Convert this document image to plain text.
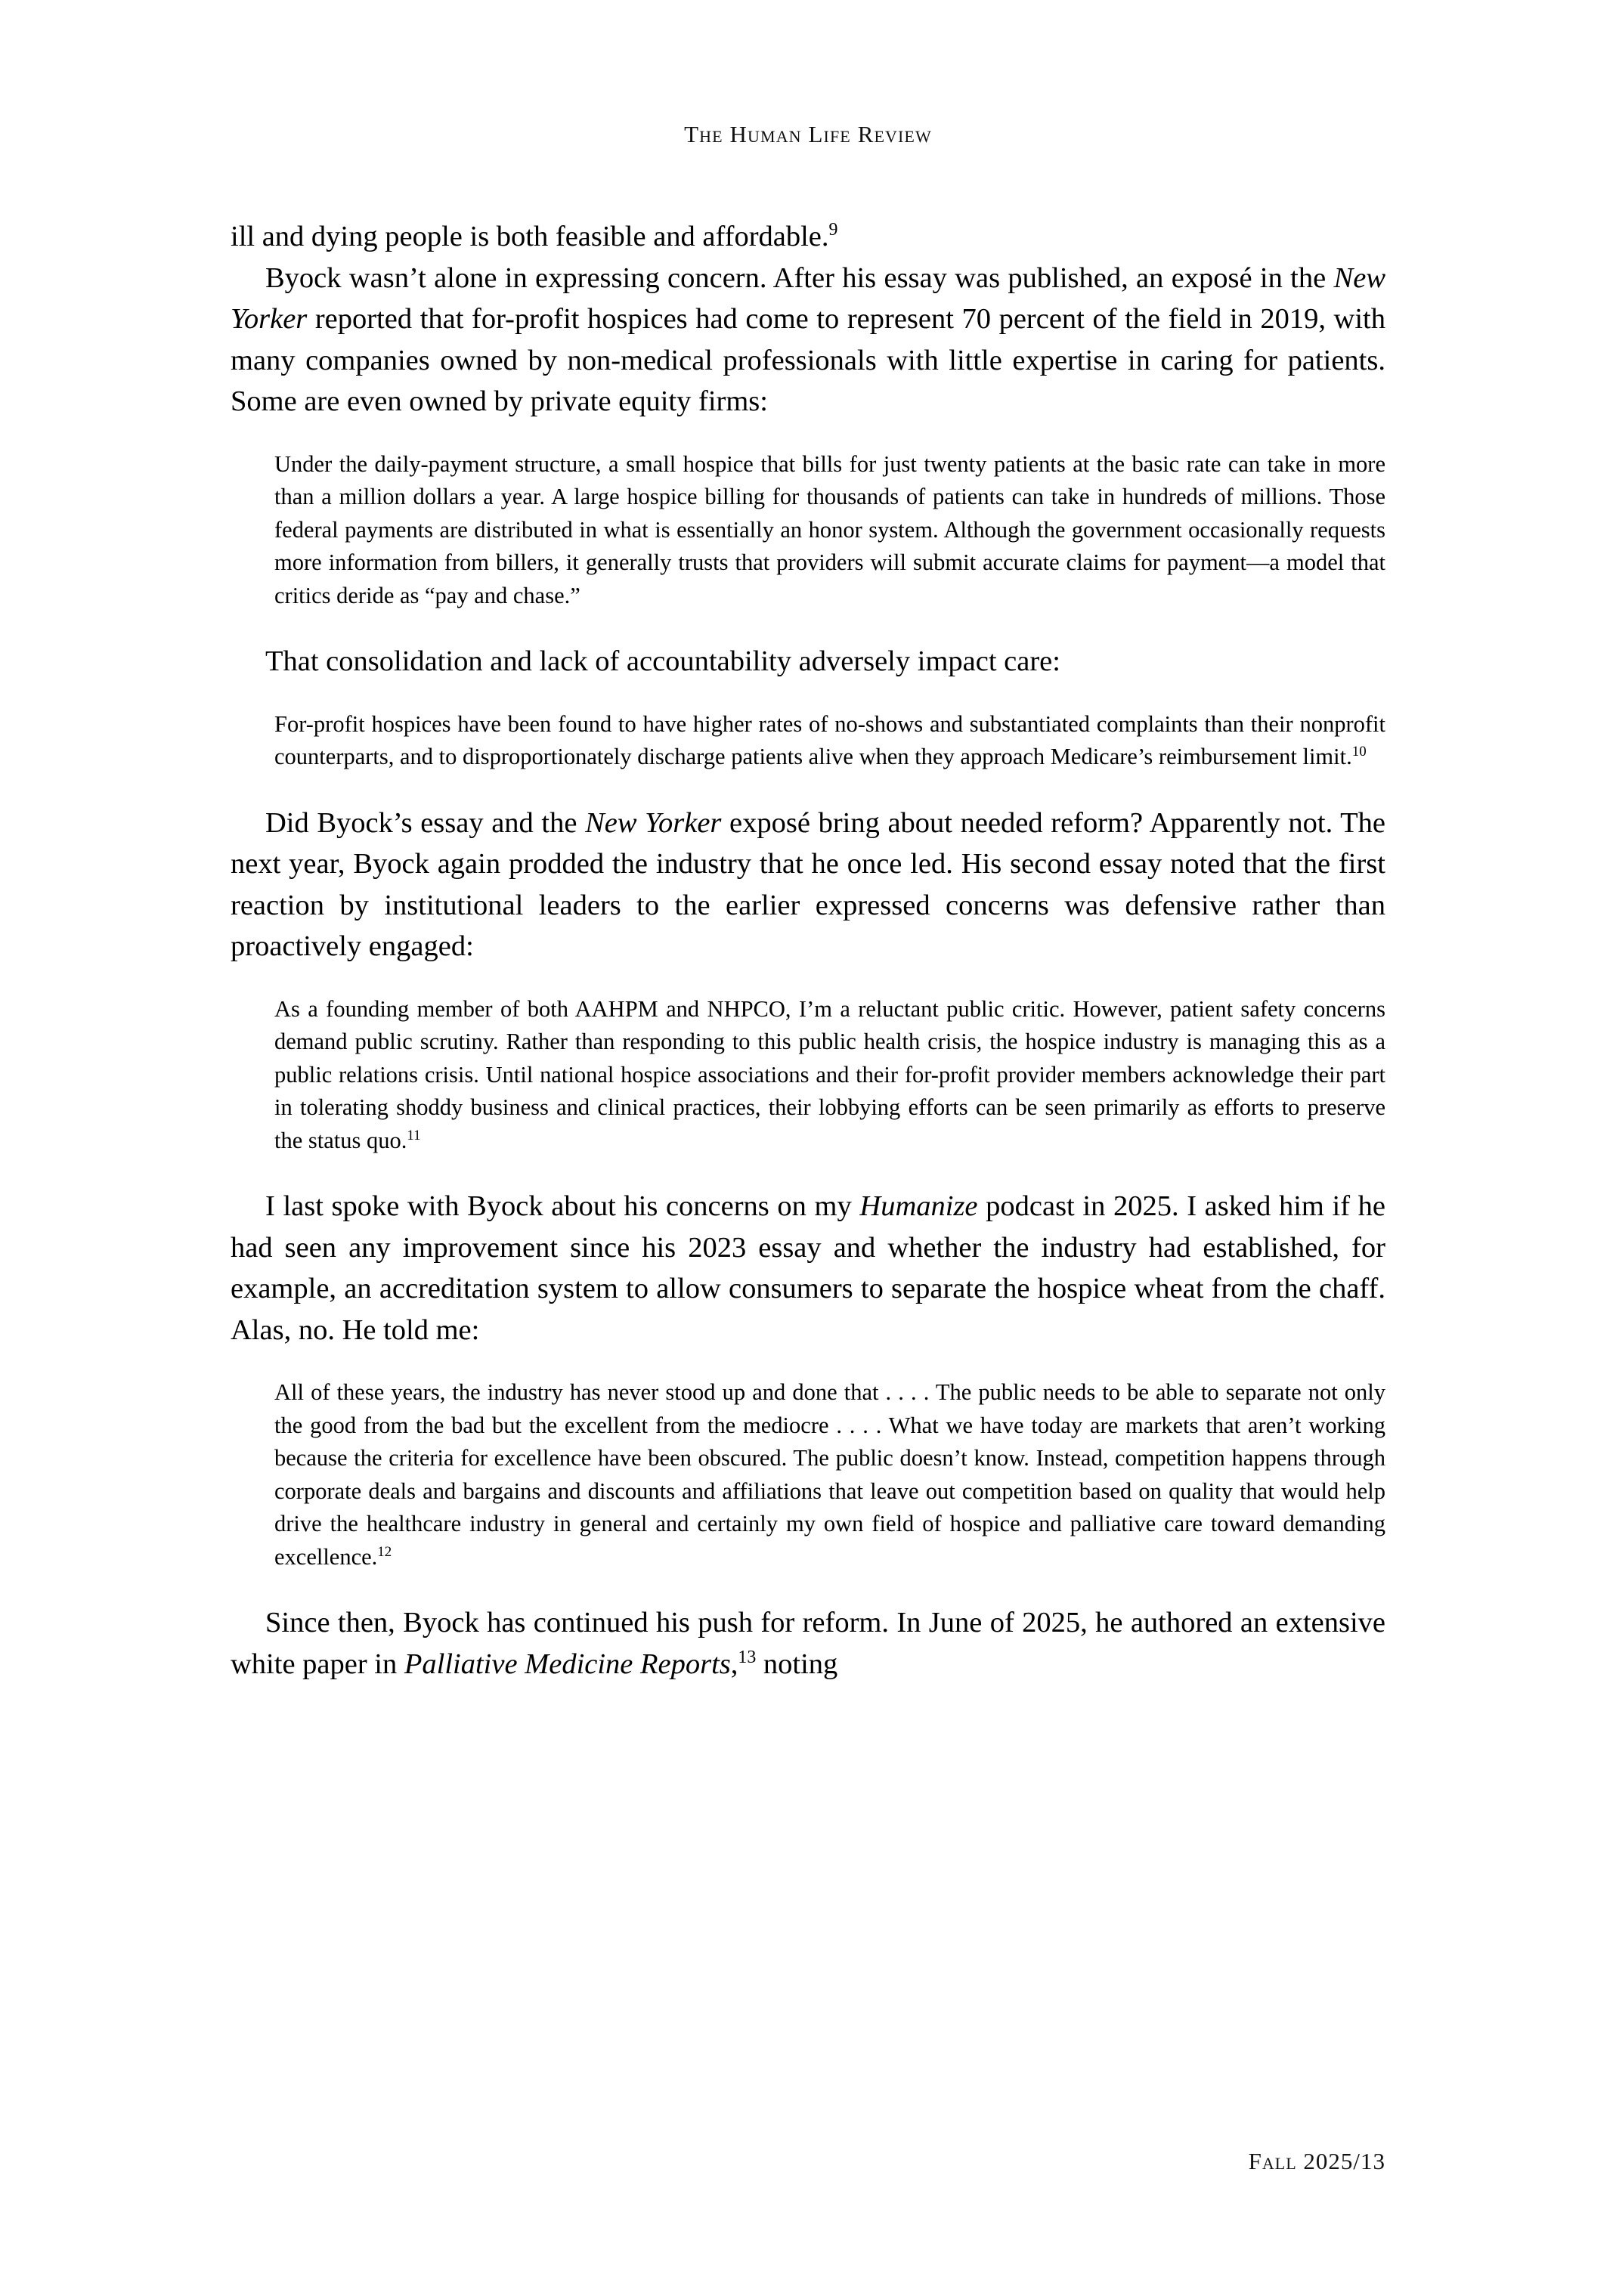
The Human Life Review

ill and dying people is both feasible and affordable.$^9$

Byock wasn’t alone in expressing concern. After his essay was published, an exposé in the New Yorker reported that for-profit hospices had come to represent 70 percent of the field in 2019, with many companies owned by non-medical professionals with little expertise in caring for patients. Some are even owned by private equity firms:

Under the daily-payment structure, a small hospice that bills for just twenty patients at the basic rate can take in more than a million dollars a year. A large hospice billing for thousands of patients can take in hundreds of millions. Those federal payments are distributed in what is essentially an honor system. Although the government occasionally requests more information from billers, it generally trusts that providers will submit accurate claims for payment—a model that critics deride as “pay and chase.”

That consolidation and lack of accountability adversely impact care:

For-profit hospices have been found to have higher rates of no-shows and substantiated complaints than their nonprofit counterparts, and to disproportionately discharge patients alive when they approach Medicare’s reimbursement limit.$^{10}$

Did Byock’s essay and the New Yorker exposé bring about needed reform? Apparently not. The next year, Byock again prodded the industry that he once led. His second essay noted that the first reaction by institutional leaders to the earlier expressed concerns was defensive rather than proactively engaged:

As a founding member of both AAHPM and NHPCO, I’m a reluctant public critic. However, patient safety concerns demand public scrutiny. Rather than responding to this public health crisis, the hospice industry is managing this as a public relations crisis. Until national hospice associations and their for-profit provider members acknowledge their part in tolerating shoddy business and clinical practices, their lobbying efforts can be seen primarily as efforts to preserve the status quo.$^{11}$

I last spoke with Byock about his concerns on my Humanize podcast in 2025. I asked him if he had seen any improvement since his 2023 essay and whether the industry had established, for example, an accreditation system to allow consumers to separate the hospice wheat from the chaff. Alas, no. He told me:

All of these years, the industry has never stood up and done that . . . . The public needs to be able to separate not only the good from the bad but the excellent from the mediocre . . . . What we have today are markets that aren’t working because the criteria for excellence have been obscured. The public doesn’t know. Instead, competition happens through corporate deals and bargains and discounts and affiliations that leave out competition based on quality that would help drive the healthcare industry in general and certainly my own field of hospice and palliative care toward demanding excellence.$^{12}$

Since then, Byock has continued his push for reform. In June of 2025, he authored an extensive white paper in Palliative Medicine Reports,$^{13}$ noting

Fall 2025/13
